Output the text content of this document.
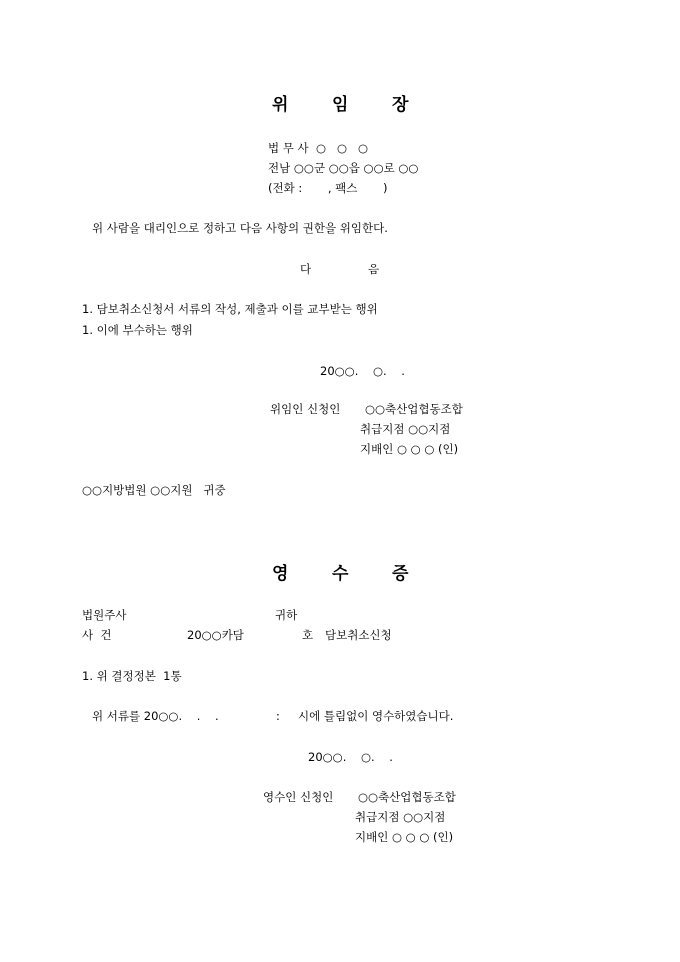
위	임	장
법 무 사  ○   ○   ○
전남 ○○군 ○○읍 ○○로 ○○
(전화 :       , 팩스       )
위 사람을 대리인으로 정하고 다음 사항의 권한을 위임한다.
다	음
1. 담보취소신청서 서류의 작성, 제출과 이를 교부받는 행위
1. 이에 부수하는 행위
20○○.    ○.    .
위임인 신청인 ○○축산업협동조합
취급지점 ○○지점
지배인 ○ ○ ○ (인)
○○지방법원 ○○지원   귀중
영	수	증
법원주사	귀하
사  건	20○○카담	호 담보취소신청
1. 위 결정정본  1통
위 서류를 20○○.    .    .	: 시에 틀림없이 영수하였습니다.
20○○.    ○.    .
영수인 신청인 ○○축산업협동조합
취급지점 ○○지점
지배인 ○ ○ ○ (인)
